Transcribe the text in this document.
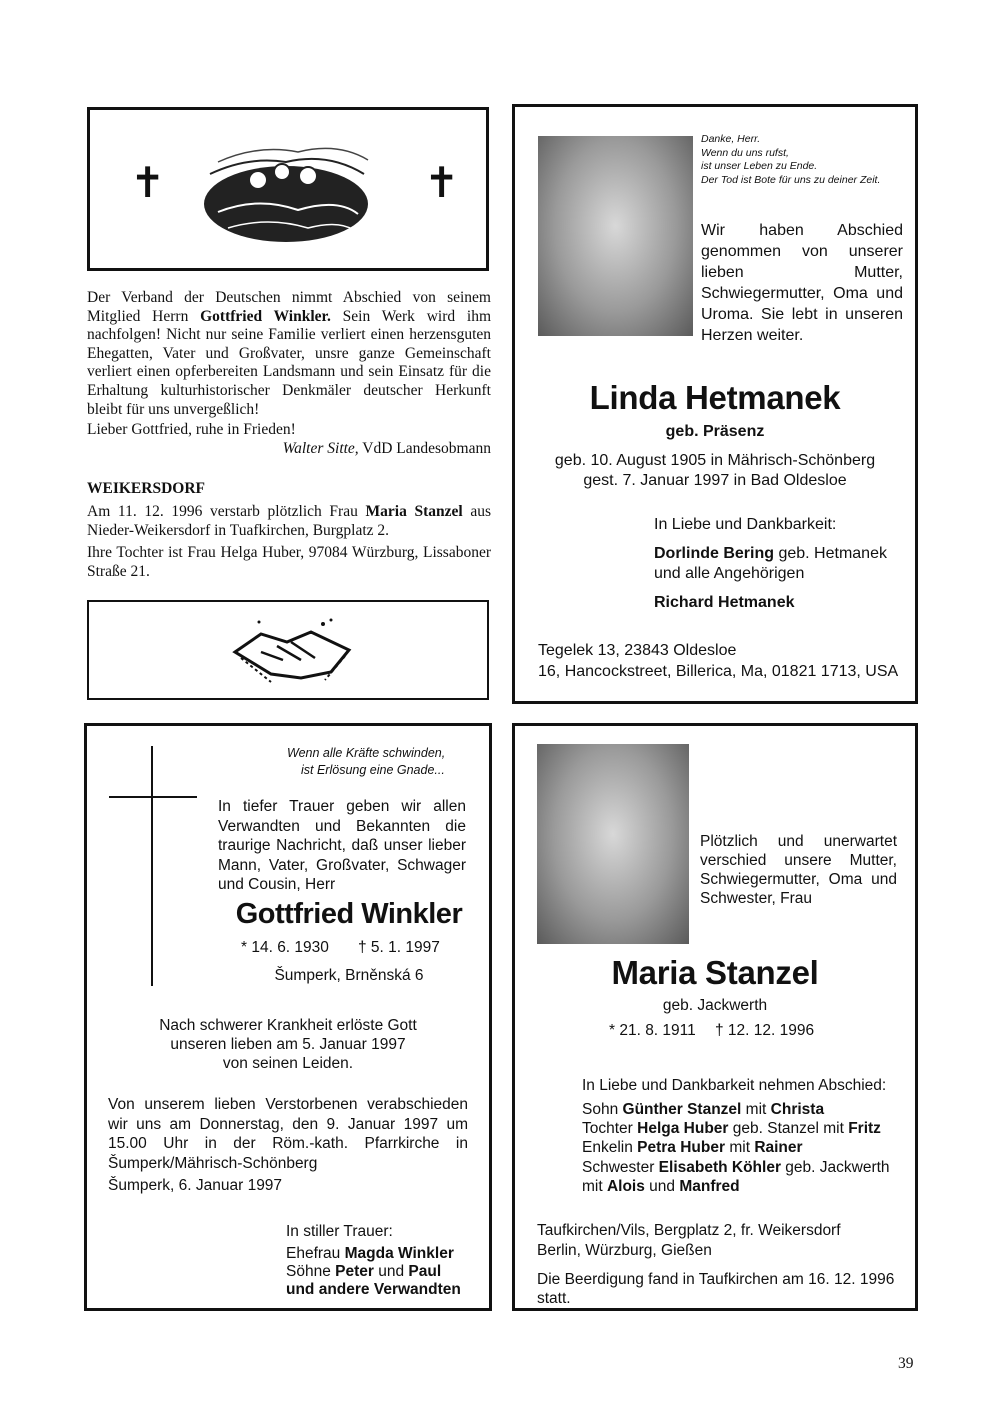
✝	✝

Der Verband der Deutschen nimmt Abschied von seinem Mitglied Herrn Gottfried Winkler. Sein Werk wird ihm nachfolgen! Nicht nur seine Familie verliert einen herzensguten Ehegatten, Vater und Großvater, unsre ganze Gemeinschaft verliert einen opferbereiten Landsmann und sein Einsatz für die Erhaltung kulturhistorischer Denkmäler deutscher Herkunft bleibt für uns unvergeßlich!

Lieber Gottfried, ruhe in Frieden!

Walter Sitte, VdD Landesobmann

WEIKERSDORF

Am 11. 12. 1996 verstarb plötzlich Frau Maria Stanzel aus Nieder-Weikersdorf in Tuafkirchen, Burgplatz 2.

Ihre Tochter ist Frau Helga Huber, 97084 Würzburg, Lissaboner Straße 21.

Danke, Herr.

Wenn du uns rufst,

ist unser Leben zu Ende.

Der Tod ist Bote für uns zu deiner Zeit.

Wir haben Abschied genommen von unserer lieben Mutter, Schwiegermutter, Oma und Uroma. Sie lebt in unseren Herzen weiter.

Linda Hetmanek

geb. Präsenz

geb. 10. August 1905 in Mährisch-Schönberg

gest. 7. Januar 1997 in Bad Oldesloe

In Liebe und Dankbarkeit:

Dorlinde Bering geb. Hetmanek

und alle Angehörigen

Richard Hetmanek

Tegelek 13, 23843 Oldesloe

16, Hancockstreet, Billerica, Ma, 01821 1713, USA

Wenn alle Kräfte schwinden,

ist Erlösung eine Gnade...

In tiefer Trauer geben wir allen Verwandten und Bekannten die traurige Nachricht, daß unser lieber Mann, Vater, Großvater, Schwager und Cousin, Herr

Gottfried Winkler

* 14. 6. 1930 † 5. 1. 1997

Šumperk, Brněnská 6

Nach schwerer Krankheit erlöste Gott

unseren lieben am 5. Januar 1997

von seinen Leiden.

Von unserem lieben Verstorbenen verabschieden wir uns am Donnerstag, den 9. Januar 1997 um 15.00 Uhr in der Röm.-kath. Pfarrkirche in Šumperk/Mährisch-Schönberg

Šumperk, 6. Januar 1997

In stiller Trauer:

Ehefrau Magda Winkler

Söhne Peter und Paul

und andere Verwandten

Plötzlich und unerwartet verschied unsere Mutter, Schwiegermutter, Oma und Schwester, Frau

Maria Stanzel

geb. Jackwerth

* 21. 8. 1911 † 12. 12. 1996

In Liebe und Dankbarkeit nehmen Abschied:

Sohn Günther Stanzel mit Christa

Tochter Helga Huber geb. Stanzel mit Fritz

Enkelin Petra Huber mit Rainer

Schwester Elisabeth Köhler geb. Jackwerth

mit Alois und Manfred

Taufkirchen/Vils, Bergplatz 2, fr. Weikersdorf

Berlin, Würzburg, Gießen

Die Beerdigung fand in Taufkirchen am 16. 12. 1996 statt.

39
